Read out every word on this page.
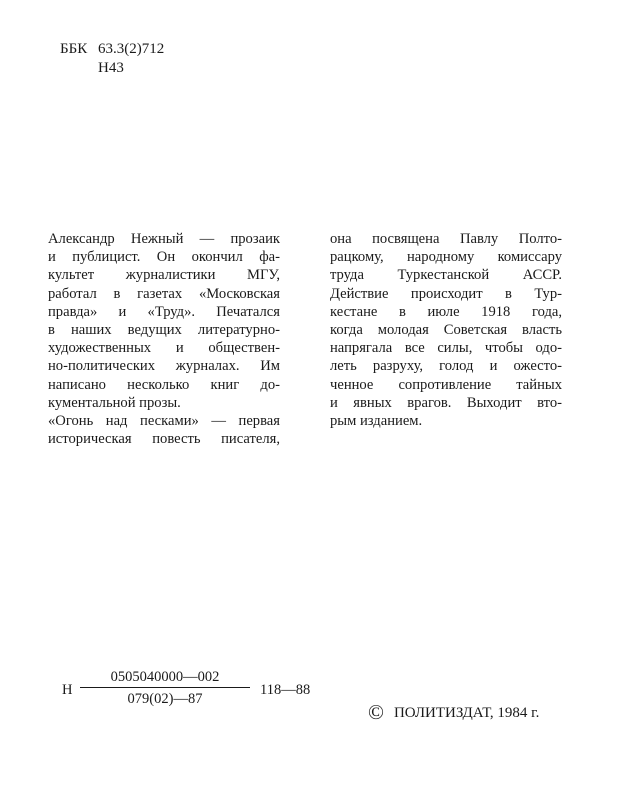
ББК 63.3(2)712
Н43
Александр Нежный — прозаик
и публицист. Он окончил фа-
культет журналистики МГУ,
работал в газетах «Московская
правда» и «Труд». Печатался
в наших ведущих литературно-
художественных и обществен-
но-политических журналах. Им
написано несколько книг до-
кументальной прозы.
«Огонь над песками» — первая
историческая повесть писателя,
она посвящена Павлу Полто-
рацкому, народному комиссару
труда Туркестанской АССР.
Действие происходит в Тур-
кестане в июле 1918 года,
когда молодая Советская власть
напрягала все силы, чтобы одо-
леть разруху, голод и ожесто-
ченное сопротивление тайных
и явных врагов. Выходит вто-
рым изданием.
Н
0505040000—002
079(02)—87
118—88
© ПОЛИТИЗДАТ, 1984 г.
